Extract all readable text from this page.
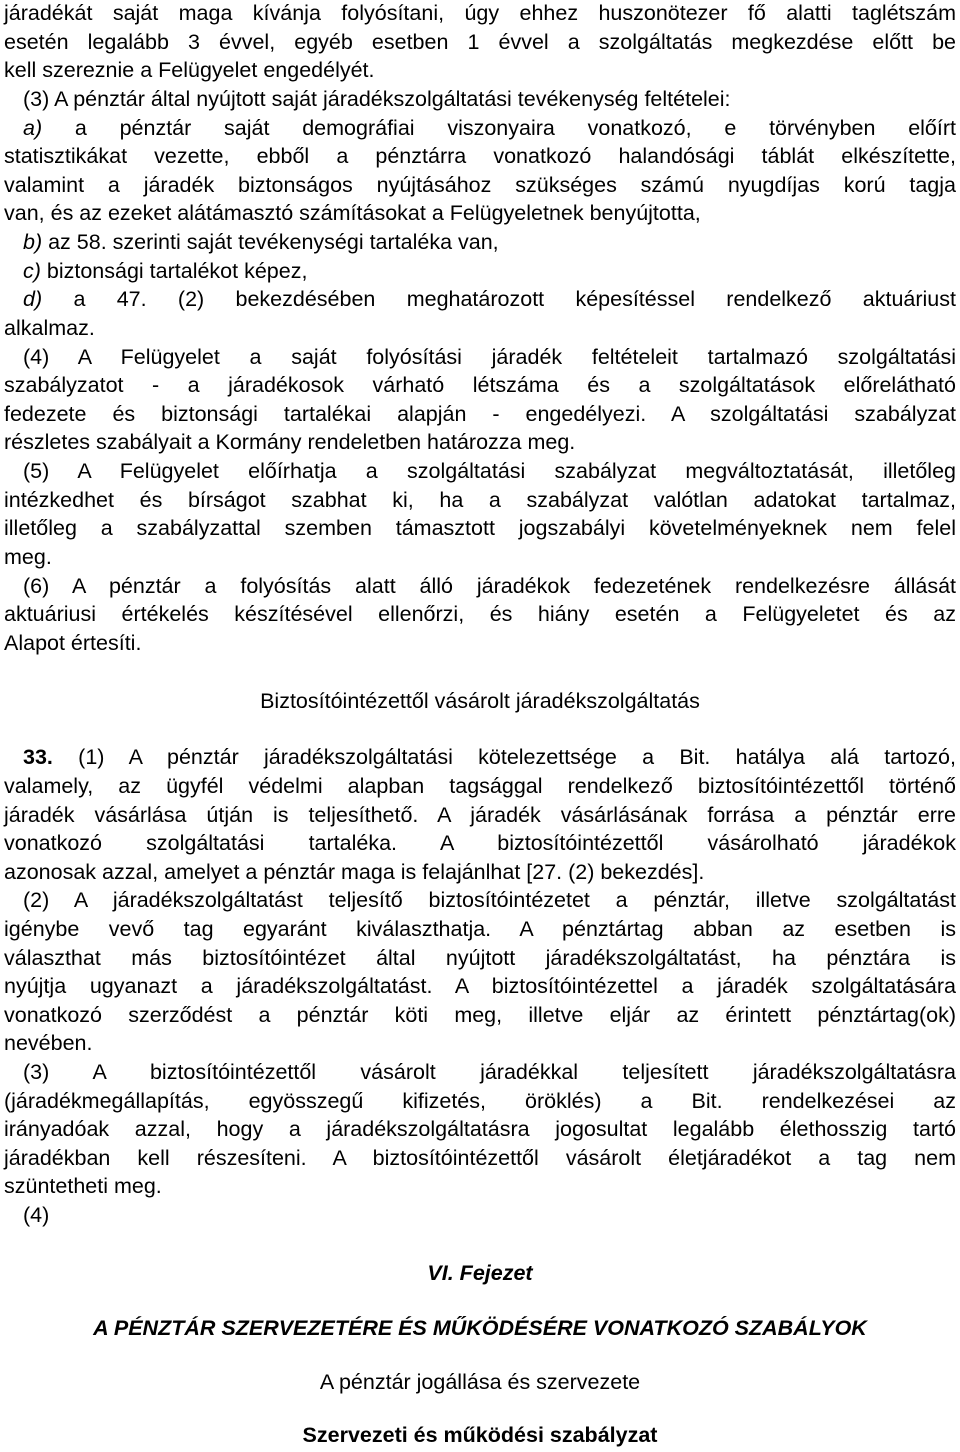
járadékát saját maga kívánja folyósítani, úgy ehhez huszonötezer fő alatti taglétszám
esetén legalább 3 évvel, egyéb esetben 1 évvel a szolgáltatás megkezdése előtt be
kell szereznie a Felügyelet engedélyét.
(3) A pénztár által nyújtott saját járadékszolgáltatási tevékenység feltételei:
a) a pénztár saját demográfiai viszonyaira vonatkozó, e törvényben előírt
statisztikákat vezette, ebből a pénztárra vonatkozó halandósági táblát elkészítette,
valamint a járadék biztonságos nyújtásához szükséges számú nyugdíjas korú tagja
van, és az ezeket alátámasztó számításokat a Felügyeletnek benyújtotta,
b) az 58. szerinti saját tevékenységi tartaléka van,
c) biztonsági tartalékot képez,
d) a 47. (2) bekezdésében meghatározott képesítéssel rendelkező aktuáriust
alkalmaz.
(4) A Felügyelet a saját folyósítási járadék feltételeit tartalmazó szolgáltatási
szabályzatot - a járadékosok várható létszáma és a szolgáltatások előrelátható
fedezete és biztonsági tartalékai alapján - engedélyezi. A szolgáltatási szabályzat
részletes szabályait a Kormány rendeletben határozza meg.
(5) A Felügyelet előírhatja a szolgáltatási szabályzat megváltoztatását, illetőleg
intézkedhet és bírságot szabhat ki, ha a szabályzat valótlan adatokat tartalmaz,
illetőleg a szabályzattal szemben támasztott jogszabályi követelményeknek nem felel
meg.
(6) A pénztár a folyósítás alatt álló járadékok fedezetének rendelkezésre állását
aktuáriusi értékelés készítésével ellenőrzi, és hiány esetén a Felügyeletet és az
Alapot értesíti.
Biztosítóintézettől vásárolt járadékszolgáltatás
33. (1) A pénztár járadékszolgáltatási kötelezettsége a Bit. hatálya alá tartozó,
valamely, az ügyfél védelmi alapban tagsággal rendelkező biztosítóintézettől történő
járadék vásárlása útján is teljesíthető. A járadék vásárlásának forrása a pénztár erre
vonatkozó szolgáltatási tartaléka. A biztosítóintézettől vásárolható járadékok
azonosak azzal, amelyet a pénztár maga is felajánlhat [27. (2) bekezdés].
(2) A járadékszolgáltatást teljesítő biztosítóintézetet a pénztár, illetve szolgáltatást
igénybe vevő tag egyaránt kiválaszthatja. A pénztártag abban az esetben is
választhat más biztosítóintézet által nyújtott járadékszolgáltatást, ha pénztára is
nyújtja ugyanazt a járadékszolgáltatást. A biztosítóintézettel a járadék szolgáltatására
vonatkozó szerződést a pénztár köti meg, illetve eljár az érintett pénztártag(ok)
nevében.
(3) A biztosítóintézettől vásárolt járadékkal teljesített járadékszolgáltatásra
(járadékmegállapítás, egyösszegű kifizetés, öröklés) a Bit. rendelkezései az
irányadóak azzal, hogy a járadékszolgáltatásra jogosultat legalább élethosszig tartó
járadékban kell részesíteni. A biztosítóintézettől vásárolt életjáradékot a tag nem
szüntetheti meg.
(4)
VI. Fejezet
A PÉNZTÁR SZERVEZETÉRE ÉS MŰKÖDÉSÉRE VONATKOZÓ SZABÁLYOK
A pénztár jogállása és szervezete
Szervezeti és működési szabályzat
